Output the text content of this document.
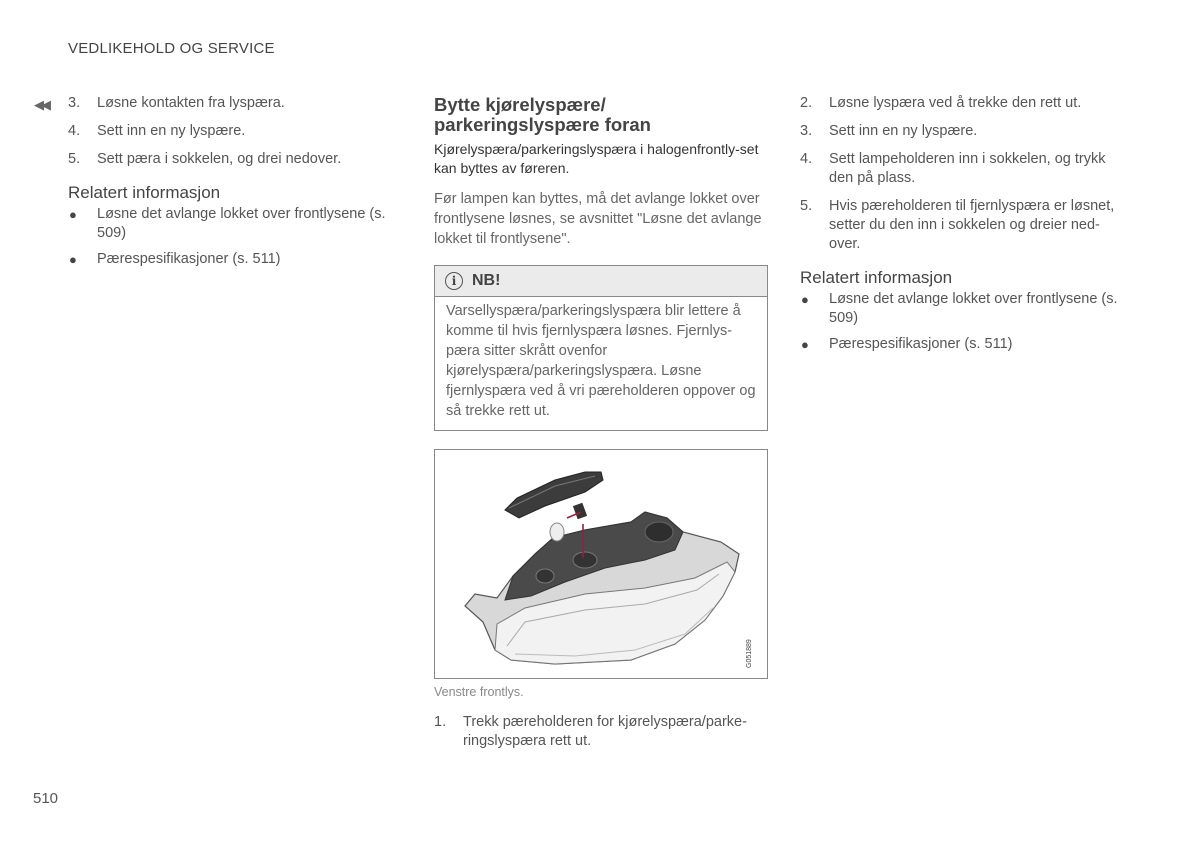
VEDLIKEHOLD OG SERVICE
◀◀ 3. Løsne kontakten fra lyspæra.
4. Sett inn en ny lyspære.
5. Sett pæra i sokkelen, og drei nedover.
Relatert informasjon
● Løsne det avlange lokket over frontlysene (s. 509)
● Pærespesifikasjoner (s. 511)
Bytte kjørelyspære/
parkeringslyspære foran

Kjørelyspæra/parkeringslyspæra i halogenfrontly-set kan byttes av føreren.

Før lampen kan byttes, må det avlange lokket over frontlysene løsnes, se avsnittet "Løsne det avlange lokket til frontlysene".

i NB!
Varsellyspæra/parkeringslyspæra blir lettere å komme til hvis fjernlyspæra løsnes. Fjernlys-pæra sitter skrått ovenfor kjørelyspæra/parkeringslyspæra. Løsne fjernlyspæra ved å vri pæreholderen oppover og så trekke rett ut.
G051889
Venstre frontlys.
1. Trekk pæreholderen for kjørelyspæra/parke-ringslyspæra rett ut.
2. Løsne lyspæra ved å trekke den rett ut.
3. Sett inn en ny lyspære.
4. Sett lampeholderen inn i sokkelen, og trykk den på plass.
5. Hvis pæreholderen til fjernlyspæra er løsnet, setter du den inn i sokkelen og dreier ned-over.
Relatert informasjon
● Løsne det avlange lokket over frontlysene (s. 509)
● Pærespesifikasjoner (s. 511)
510
